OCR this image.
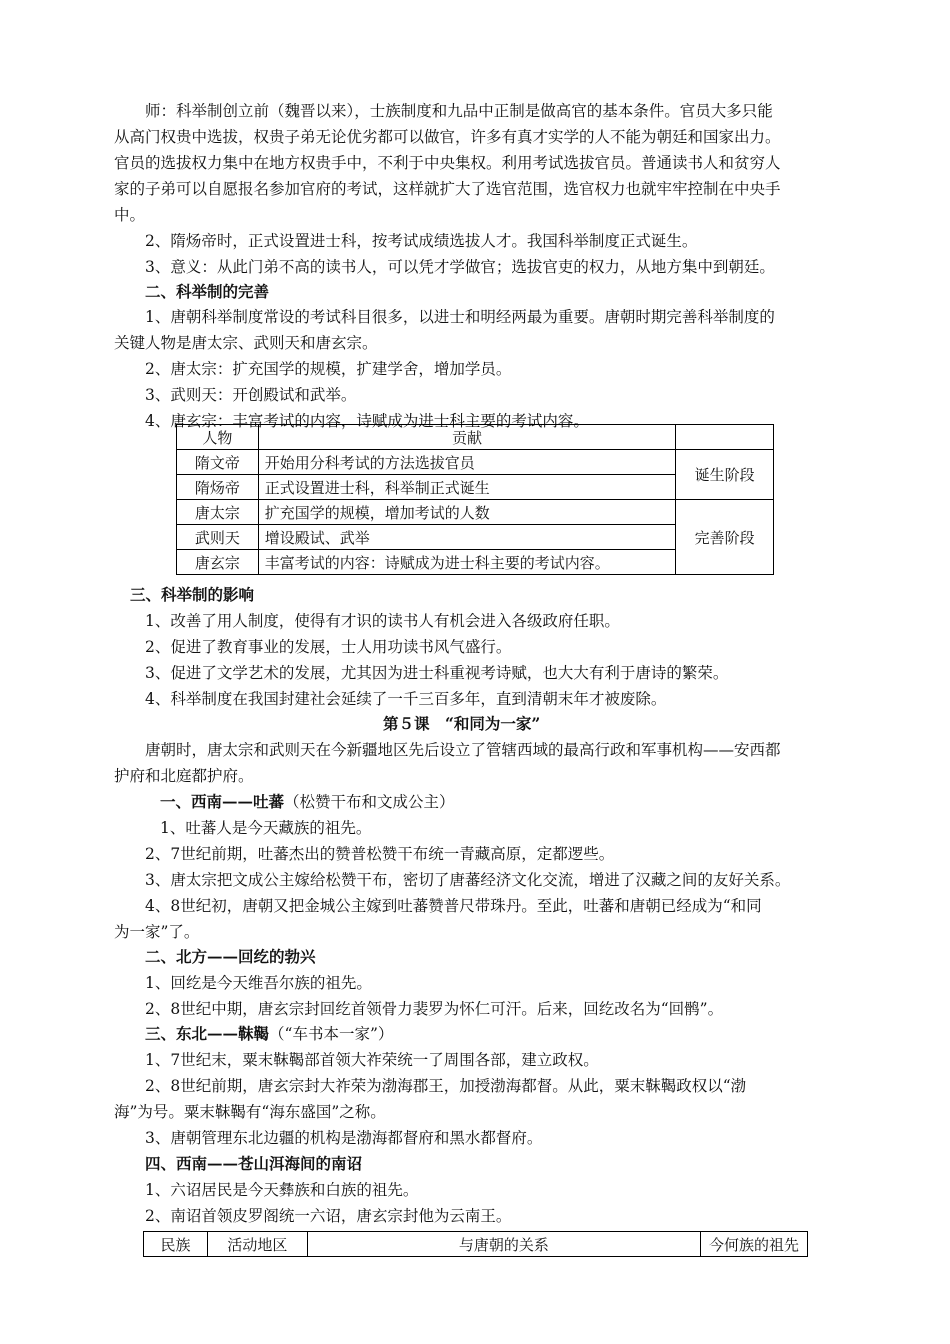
师：科举制创立前（魏晋以来），士族制度和九品中正制是做高官的基本条件。官员大多只能
从高门权贵中选拔，权贵子弟无论优劣都可以做官，许多有真才实学的人不能为朝廷和国家出力。
官员的选拔权力集中在地方权贵手中，不利于中央集权。利用考试选拔官员。普通读书人和贫穷人
家的子弟可以自愿报名参加官府的考试，这样就扩大了选官范围，选官权力也就牢牢控制在中央手
中。
2、隋炀帝时，正式设置进士科，按考试成绩选拔人才。我国科举制度正式诞生。
3、意义：从此门弟不高的读书人，可以凭才学做官；选拔官吏的权力，从地方集中到朝廷。
二、科举制的完善
1、唐朝科举制度常设的考试科目很多，以进士和明经两最为重要。唐朝时期完善科举制度的
关键人物是唐太宗、武则天和唐玄宗。
2、唐太宗：扩充国学的规模，扩建学舍，增加学员。
3、武则天：开创殿试和武举。
4、唐玄宗：丰富考试的内容，诗赋成为进士科主要的考试内容。
人物	贡献	
隋文帝	开始用分科考试的方法选拔官员	诞生阶段
隋炀帝	正式设置进士科，科举制正式诞生	
唐太宗	扩充国学的规模，增加考试的人数	完善阶段
武则天	增设殿试、武举	
唐玄宗	丰富考试的内容：诗赋成为进士科主要的考试内容。	
三、科举制的影响
1、改善了用人制度，使得有才识的读书人有机会进入各级政府任职。
2、促进了教育事业的发展，士人用功读书风气盛行。
3、促进了文学艺术的发展，尤其因为进士科重视考诗赋，也大大有利于唐诗的繁荣。
4、科举制度在我国封建社会延续了一千三百多年，直到清朝末年才被废除。
第５课　“和同为一家”
唐朝时，唐太宗和武则天在今新疆地区先后设立了管辖西域的最高行政和军事机构——安西都
护府和北庭都护府。
一、西南——吐蕃（松赞干布和文成公主）
1、吐蕃人是今天藏族的祖先。
2、7世纪前期，吐蕃杰出的赞普松赞干布统一青藏高原，定都逻些。
3、唐太宗把文成公主嫁给松赞干布，密切了唐蕃经济文化交流，增进了汉藏之间的友好关系。
4、8世纪初，唐朝又把金城公主嫁到吐蕃赞普尺带珠丹。至此，吐蕃和唐朝已经成为“和同
为一家”了。
二、北方——回纥的勃兴
1、回纥是今天维吾尔族的祖先。
2、8世纪中期，唐玄宗封回纥首领骨力裴罗为怀仁可汗。后来，回纥改名为“回鹘”。
三、东北——靺鞨（“车书本一家”）
1、7世纪末，粟末靺鞨部首领大祚荣统一了周围各部，建立政权。
2、8世纪前期，唐玄宗封大祚荣为渤海郡王，加授渤海都督。从此，粟末靺鞨政权以“渤
海”为号。粟末靺鞨有“海东盛国”之称。
3、唐朝管理东北边疆的机构是渤海都督府和黑水都督府。
四、西南——苍山洱海间的南诏
1、六诏居民是今天彝族和白族的祖先。
2、南诏首领皮罗阁统一六诏，唐玄宗封他为云南王。
民族	活动地区	与唐朝的关系	今何族的祖先
